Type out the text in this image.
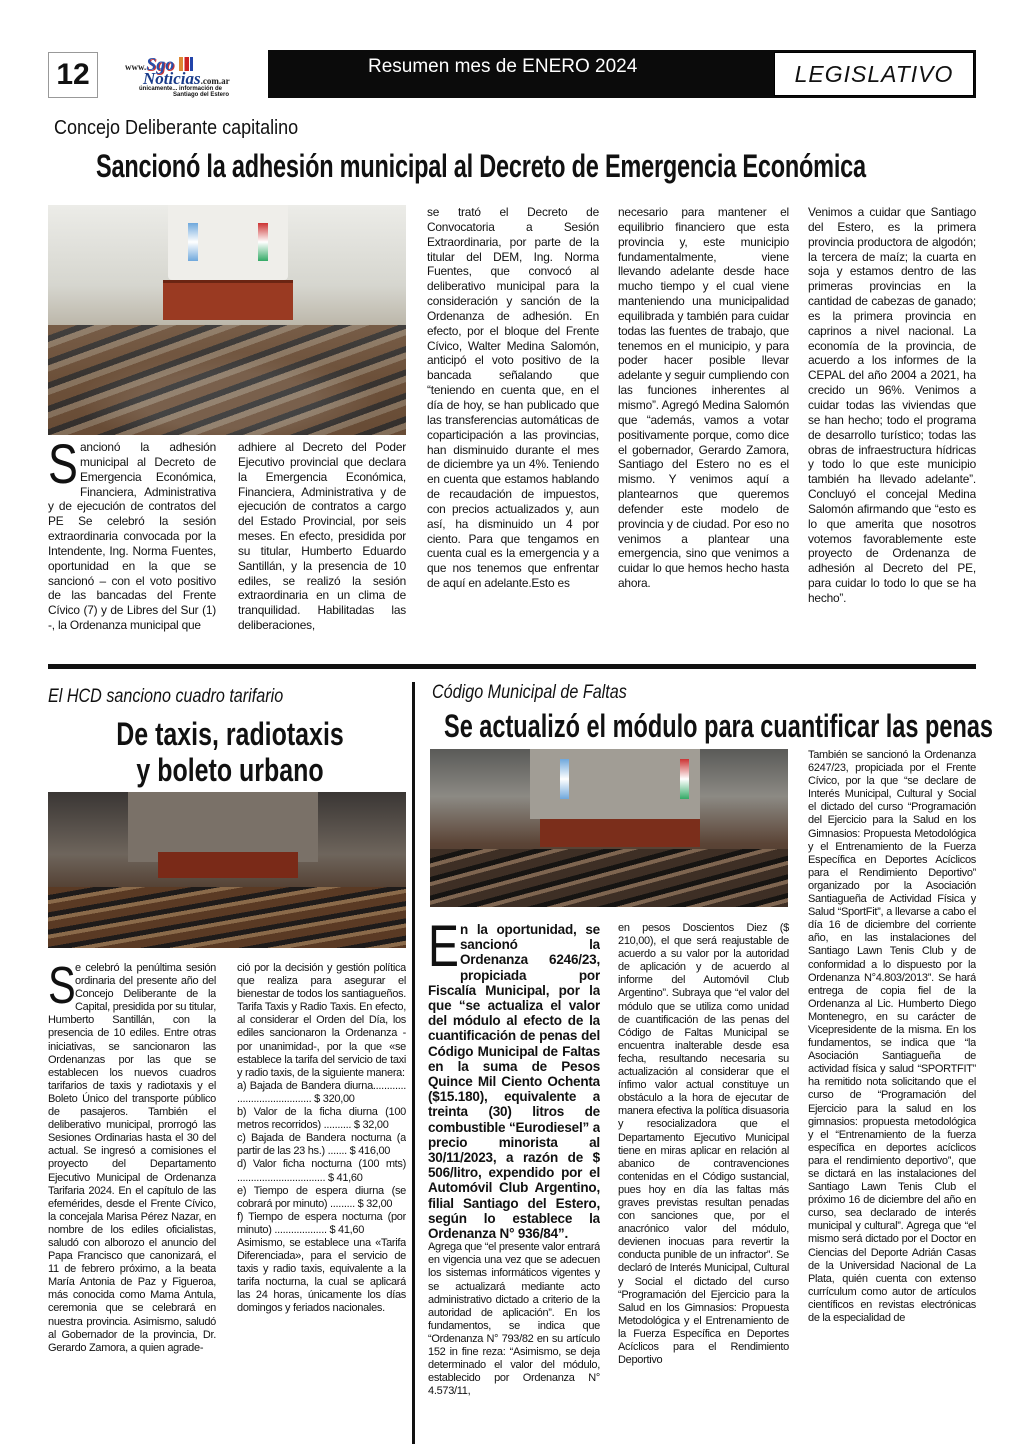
12	www.Sgo
Noticias.com.ar
únicamente... información de
Santiago del Estero
Resumen mes de ENERO 2024	LEGISLATIVO
Concejo Deliberante capitalino
Sancionó la adhesión municipal al Decreto de Emergencia Económica
S ancionó la adhesión municipal al Decreto de Emergencia Económica, Financiera, Administrativa y de ejecución de contratos del PE Se celebró la sesión extraordinaria convocada por la Intendente, Ing. Norma Fuentes, oportunidad en la que se sancionó – con el voto positivo de las bancadas del Frente Cívico (7) y de Libres del Sur (1) -, la Ordenanza municipal que

adhiere al Decreto del Poder Ejecutivo provincial que declara la Emergencia Económica, Financiera, Administrativa y de ejecución de contratos a cargo del Estado Provincial, por seis meses. En efecto, presidida por su titular, Humberto Eduardo Santillán, y la presencia de 10 ediles, se realizó la sesión extraordinaria en un clima de tranquilidad. Habilitadas las deliberaciones,
se trató el Decreto de Convocatoria a Sesión Extraordinaria, por parte de la titular del DEM, Ing. Norma Fuentes, que convocó al deliberativo municipal para la consideración y sanción de la Ordenanza de adhesión. En efecto, por el bloque del Frente Cívico, Walter Medina Salomón, anticipó el voto positivo de la bancada señalando que “teniendo en cuenta que, en el día de hoy, se han publicado que las transferencias automáticas de coparticipación a las provincias, han disminuido durante el mes de diciembre ya un 4%. Teniendo en cuenta que estamos hablando de recaudación de impuestos, con precios actualizados y, aun así, ha disminuido un 4 por ciento. Para que tengamos en cuenta cual es la emergencia y a que nos tenemos que enfrentar de aquí en adelante.Esto es
necesario para mantener el equilibrio financiero que esta provincia y, este municipio fundamentalmente, viene llevando adelante desde hace mucho tiempo y el cual viene manteniendo una municipalidad equilibrada y también para cuidar todas las fuentes de trabajo, que tenemos en el municipio, y para poder hacer posible llevar adelante y seguir cumpliendo con las funciones inherentes al mismo”. Agregó Medina Salomón que “además, vamos a votar positivamente porque, como dice el gobernador, Gerardo Zamora, Santiago del Estero no es el mismo. Y venimos aquí a plantearnos que queremos defender este modelo de provincia y de ciudad. Por eso no venimos a plantear una emergencia, sino que venimos a cuidar lo que hemos hecho hasta ahora.
Venimos a cuidar que Santiago del Estero, es la primera provincia productora de algodón; la tercera de maíz; la cuarta en soja y estamos dentro de las primeras provincias en la cantidad de cabezas de ganado; es la primera provincia en caprinos a nivel nacional. La economía de la provincia, de acuerdo a los informes de la CEPAL del año 2004 a 2021, ha crecido un 96%. Venimos a cuidar todas las viviendas que se han hecho; todo el programa de desarrollo turístico; todas las obras de infraestructura hídricas y todo lo que este municipio también ha llevado adelante”. Concluyó el concejal Medina Salomón afirmando que “esto es lo que amerita que nosotros votemos favorablemente este proyecto de Ordenanza de adhesión al Decreto del PE, para cuidar lo todo lo que se ha hecho”.
El HCD sanciono cuadro tarifario
De taxis, radiotaxis
y boleto urbano
S e celebró la penúltima sesión ordinaria del presente año del Concejo Deliberante de la Capital, presidida por su titular, Humberto Santillán, con la presencia de 10 ediles. Entre otras iniciativas, se sancionaron las Ordenanzas por las que se establecen los nuevos cuadros tarifarios de taxis y radiotaxis y el Boleto Único del transporte público de pasajeros. También el deliberativo municipal, prorrogó las Sesiones Ordinarias hasta el 30 del actual. Se ingresó a comisiones el proyecto del Departamento Ejecutivo Municipal de Ordenanza Tarifaria 2024. En el capítulo de las efemérides, desde el Frente Cívico, la concejala Marisa Pérez Nazar, en nombre de los ediles oficialistas, saludó con alborozo el anuncio del Papa Francisco que canonizará, el 11 de febrero próximo, a la beata María Antonia de Paz y Figueroa, más conocida como Mama Antula, ceremonia que se celebrará en nuestra provincia. Asimismo, saludó al Gobernador de la provincia, Dr. Gerardo Zamora, a quien agrade-

ció por la decisión y gestión política que realiza para asegurar el bienestar de todos los santiagueños. Tarifa Taxis y Radio Taxis. En efecto, al considerar el Orden del Día, los ediles sancionaron la Ordenanza -por unanimidad-, por la que «se establece la tarifa del servicio de taxi y radio taxis, de la siguiente manera:

a) Bajada de Bandera diurna............ ........................... $ 320,00

b) Valor de la ficha diurna (100 metros recorridos) .......... $ 32,00

c) Bajada de Bandera nocturna (a partir de las 23 hs.) ....... $ 416,00

d) Valor ficha nocturna (100 mts) ................................ $ 41,60

e) Tiempo de espera diurna (se cobrará por minuto) ......... $ 32,00

f) Tiempo de espera nocturna (por minuto) ................... $ 41,60

Asimismo, se establece una «Tarifa Diferenciada», para el servicio de taxis y radio taxis, equivalente a la tarifa nocturna, la cual se aplicará las 24 horas, únicamente los días domingos y feriados nacionales.

Código Municipal de Faltas
Se actualizó el módulo para cuantificar las penas
E n la oportunidad, se sancionó la Ordenanza 6246/23, propiciada por Fiscalía Municipal, por la que “se actualiza el valor del módulo al efecto de la cuantificación de penas del Código Municipal de Faltas en la suma de Pesos Quince Mil Ciento Ochenta ($15.180), equivalente a treinta (30) litros de combustible “Eurodiesel” a precio minorista al 30/11/2023, a razón de $ 506/litro, expendido por el Automóvil Club Argentino, filial Santiago del Estero, según lo establece la Ordenanza N° 936/84”.

Agrega que “el presente valor entrará en vigencia una vez que se adecuen los sistemas informáticos vigentes y se actualizará mediante acto administrativo dictado a criterio de la autoridad de aplicación”. En los fundamentos, se indica que “Ordenanza N° 793/82 en su artículo 152 in fine reza: “Asimismo, se deja determinado el valor del módulo, establecido por Ordenanza N° 4.573/11,

en pesos Doscientos Diez ($ 210,00), el que será reajustable de acuerdo a su valor por la autoridad de aplicación y de acuerdo al informe del Automóvil Club Argentino”. Subraya que “el valor del módulo que se utiliza como unidad de cuantificación de las penas del Código de Faltas Municipal se encuentra inalterable desde esa fecha, resultando necesaria su actualización al considerar que el ínfimo valor actual constituye un obstáculo a la hora de ejecutar de manera efectiva la política disuasoria y resocializadora que el Departamento Ejecutivo Municipal tiene en miras aplicar en relación al abanico de contravenciones contenidas en el Código sustancial, pues hoy en día las faltas más graves previstas resultan penadas con sanciones que, por el anacrónico valor del módulo, devienen inocuas para revertir la conducta punible de un infractor”. Se declaró de Interés Municipal, Cultural y Social el dictado del curso “Programación del Ejercicio para la Salud en los Gimnasios: Propuesta Metodológica y el Entrenamiento de la Fuerza Específica en Deportes Acíclicos para el Rendimiento Deportivo
También se sancionó la Ordenanza 6247/23, propiciada por el Frente Cívico, por la que “se declare de Interés Municipal, Cultural y Social el dictado del curso “Programación del Ejercicio para la Salud en los Gimnasios: Propuesta Metodológica y el Entrenamiento de la Fuerza Específica en Deportes Acíclicos para el Rendimiento Deportivo” organizado por la Asociación Santiagueña de Actividad Física y Salud “SportFit”, a llevarse a cabo el día 16 de diciembre del corriente año, en las instalaciones del Santiago Lawn Tenis Club y de conformidad a lo dispuesto por la Ordenanza N°4.803/2013”. Se hará entrega de copia fiel de la Ordenanza al Lic. Humberto Diego Montenegro, en su carácter de Vicepresidente de la misma. En los fundamentos, se indica que “la Asociación Santiagueña de actividad física y salud “SPORTFIT” ha remitido nota solicitando que el curso de “Programación del Ejercicio para la salud en los gimnasios: propuesta metodológica y el “Entrenamiento de la fuerza específica en deportes acíclicos para el rendimiento deportivo”, que se dictará en las instalaciones del Santiago Lawn Tenis Club el próximo 16 de diciembre del año en curso, sea declarado de interés municipal y cultural”. Agrega que “el mismo será dictado por el Doctor en Ciencias del Deporte Adrián Casas de la Universidad Nacional de La Plata, quién cuenta con extenso currículum como autor de artículos científicos en revistas electrónicas de la especialidad de
